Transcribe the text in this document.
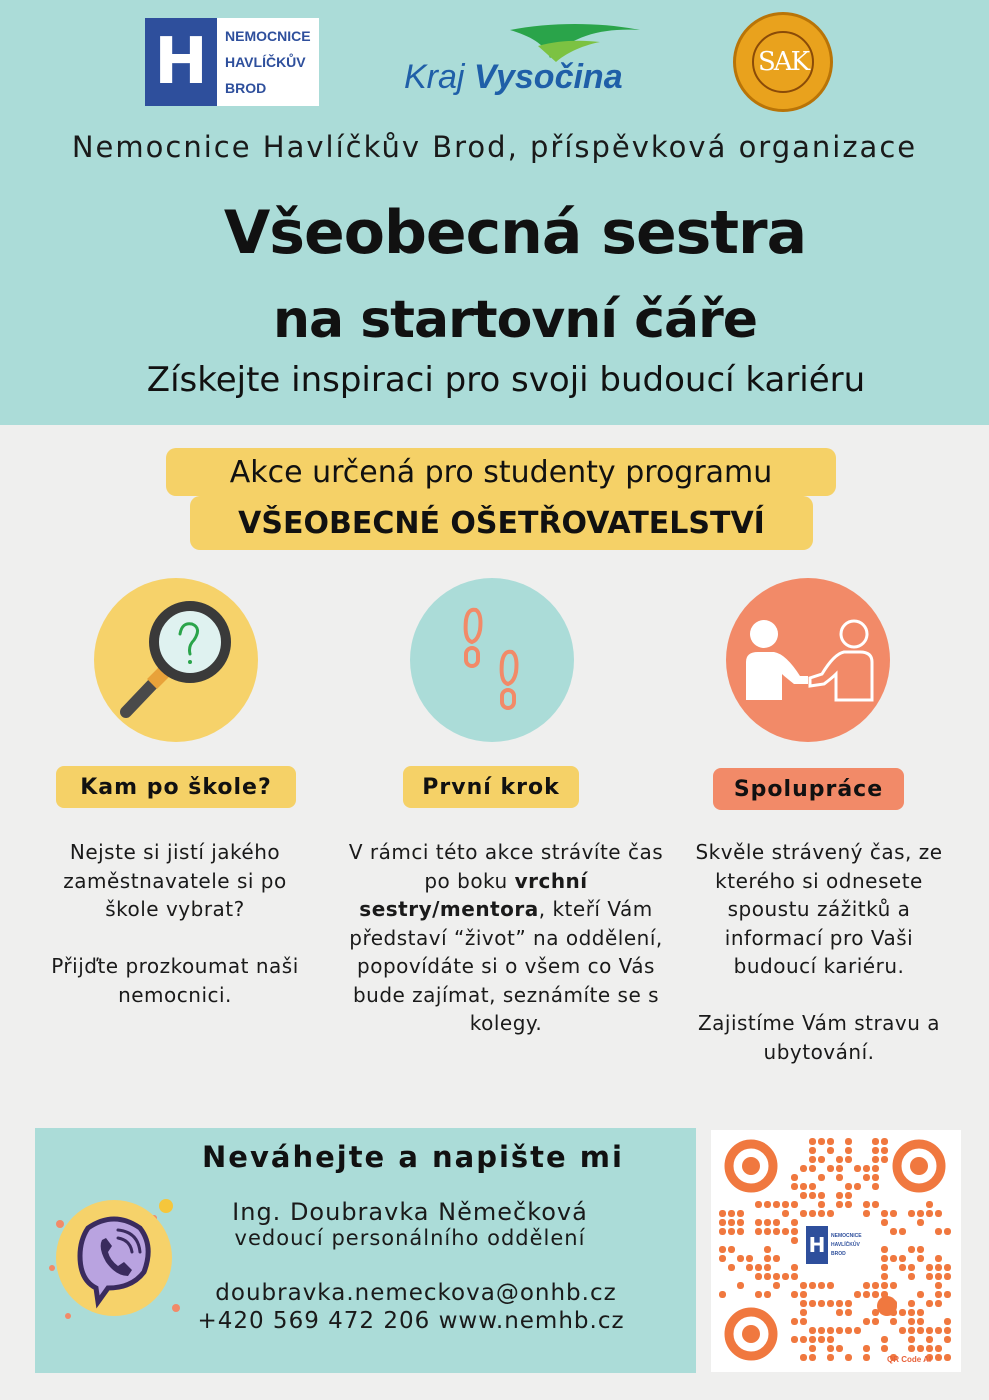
H NEMOCNICE
HAVLÍČKŮV
BROD	Kraj Vysočina	SAK
Nemocnice Havlíčkův Brod, příspěvková organizace
Všeobecná sestra
na startovní čáře
Získejte inspiraci pro svoji budoucí kariéru
Akce určená pro studenty programu
VŠEOBECNÉ OŠETŘOVATELSTVÍ
Kam po škole?	První krok	Spolupráce

Nejste si jistí jakého zaměstnavatele si po škole vybrat?

Přijďte prozkoumat naši nemocnici.

V rámci této akce strávíte čas po boku vrchní sestry/mentora, kteří Vám představí “život” na oddělení, popovídáte si o všem co Vás bude zajímat, seznámíte se s kolegy.

Skvěle strávený čas, ze kterého si odnesete spoustu zážitků a informací pro Vaši budoucí kariéru.

Zajistíme Vám stravu a ubytování.

Neváhejte a napište mi
Ing. Doubravka Němečková
vedoucí personálního oddělení
doubravka.nemeckova@onhb.cz
+420 569 472 206 www.nemhb.cz
H	NEMOCNICE
HAVLÍČKŮV
BROD
QR Code AI
